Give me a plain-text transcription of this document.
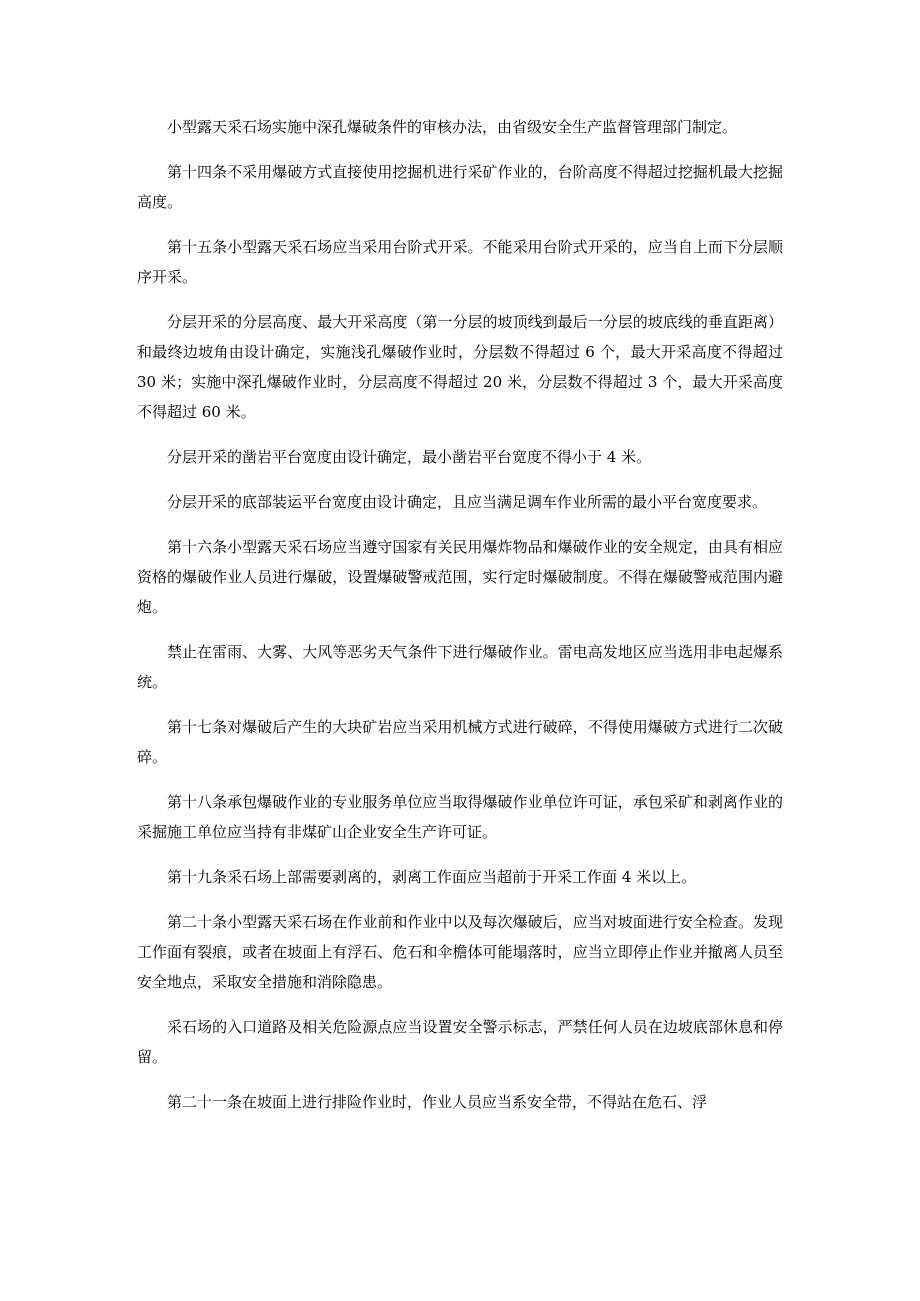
小型露天采石场实施中深孔爆破条件的审核办法，由省级安全生产监督管理部门制定。

第十四条不采用爆破方式直接使用挖掘机进行采矿作业的，台阶高度不得超过挖掘机最大挖掘高度。

第十五条小型露天采石场应当采用台阶式开采。不能采用台阶式开采的，应当自上而下分层顺序开采。

分层开采的分层高度、最大开采高度（第一分层的坡顶线到最后一分层的坡底线的垂直距离）和最终边坡角由设计确定，实施浅孔爆破作业时，分层数不得超过 6 个，最大开采高度不得超过 30 米；实施中深孔爆破作业时，分层高度不得超过 20 米，分层数不得超过 3 个，最大开采高度不得超过 60 米。

分层开采的凿岩平台宽度由设计确定，最小凿岩平台宽度不得小于 4 米。

分层开采的底部装运平台宽度由设计确定，且应当满足调车作业所需的最小平台宽度要求。

第十六条小型露天采石场应当遵守国家有关民用爆炸物品和爆破作业的安全规定，由具有相应资格的爆破作业人员进行爆破，设置爆破警戒范围，实行定时爆破制度。不得在爆破警戒范围内避炮。

禁止在雷雨、大雾、大风等恶劣天气条件下进行爆破作业。雷电高发地区应当选用非电起爆系统。

第十七条对爆破后产生的大块矿岩应当采用机械方式进行破碎，不得使用爆破方式进行二次破碎。

第十八条承包爆破作业的专业服务单位应当取得爆破作业单位许可证，承包采矿和剥离作业的采掘施工单位应当持有非煤矿山企业安全生产许可证。

第十九条采石场上部需要剥离的，剥离工作面应当超前于开采工作面 4 米以上。

第二十条小型露天采石场在作业前和作业中以及每次爆破后，应当对坡面进行安全检查。发现工作面有裂痕，或者在坡面上有浮石、危石和伞檐体可能塌落时，应当立即停止作业并撤离人员至安全地点，采取安全措施和消除隐患。

采石场的入口道路及相关危险源点应当设置安全警示标志，严禁任何人员在边坡底部休息和停留。

第二十一条在坡面上进行排险作业时，作业人员应当系安全带，不得站在危石、浮
